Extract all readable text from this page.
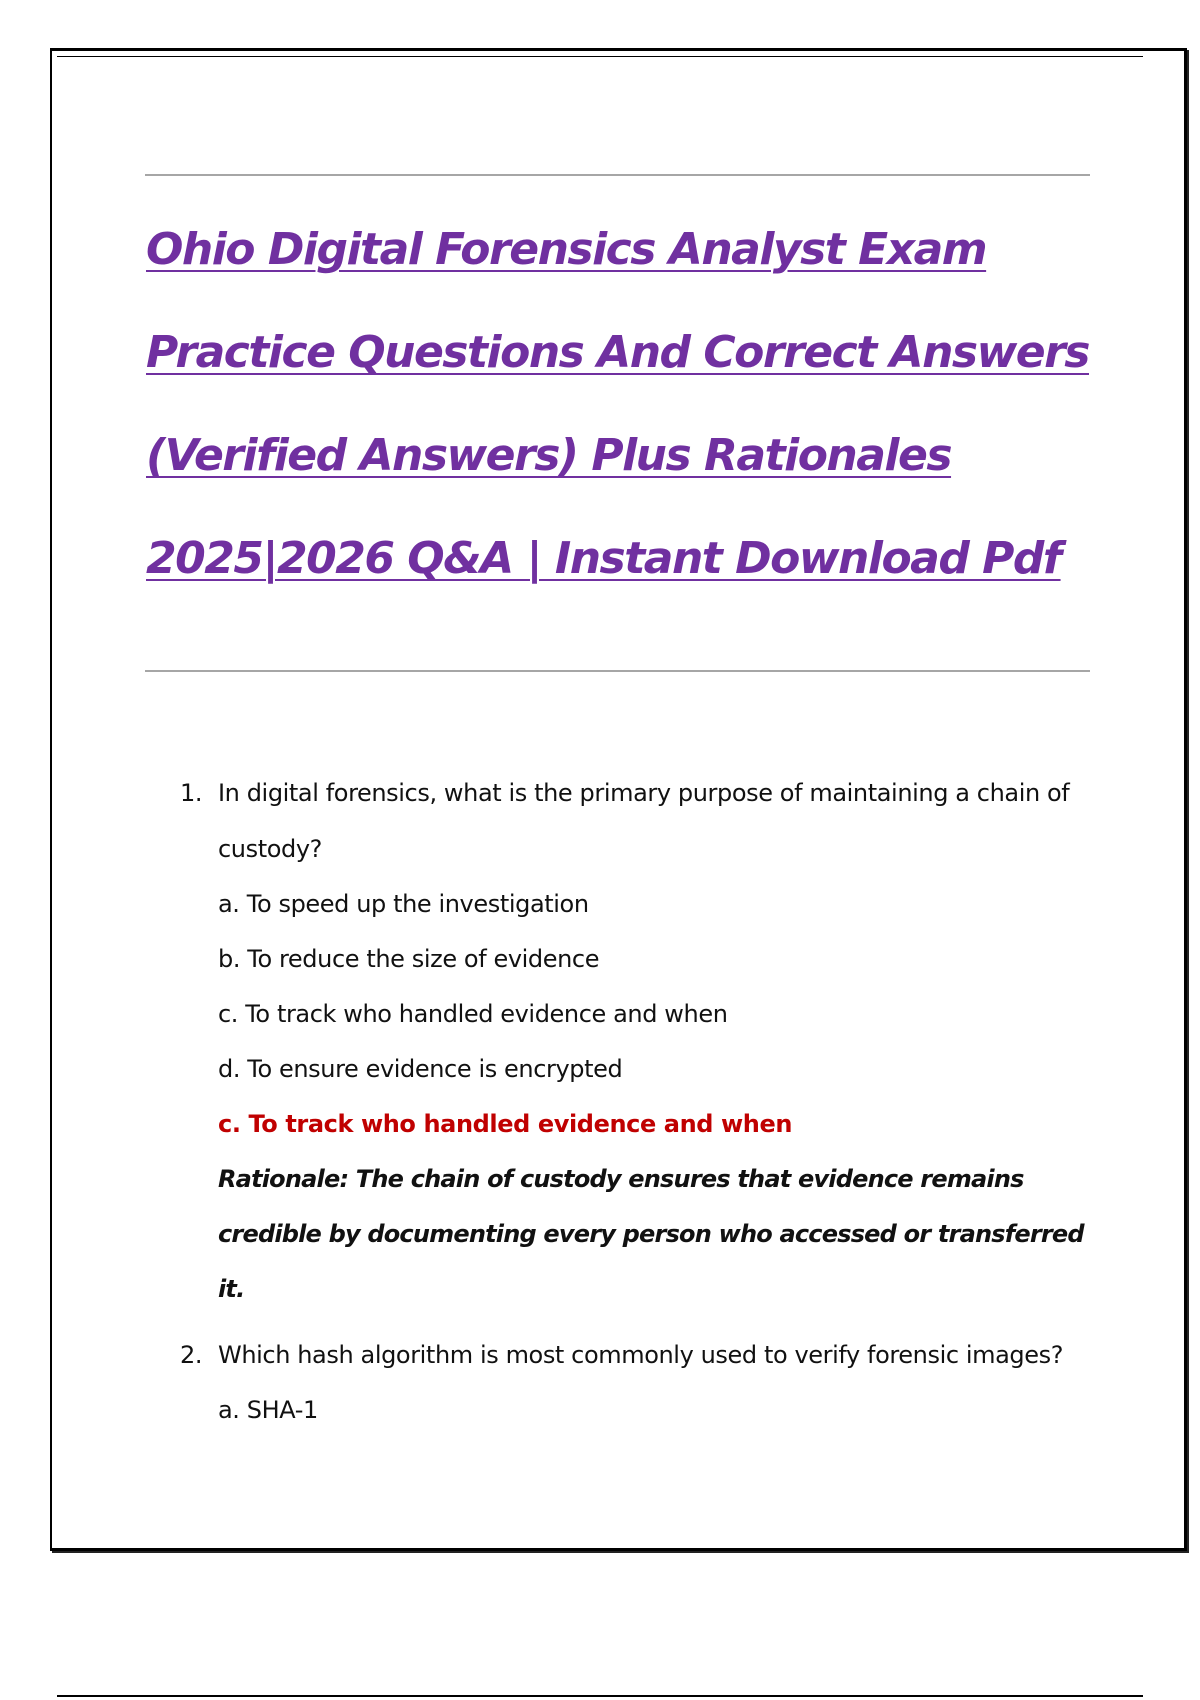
Ohio Digital Forensics Analyst Exam
Practice Questions And Correct Answers
(Verified Answers) Plus Rationales
2025|2026 Q&A | Instant Download Pdf
1. In digital forensics, what is the primary purpose of maintaining a chain of custody?

a. To speed up the investigation

b. To reduce the size of evidence

c. To track who handled evidence and when

d. To ensure evidence is encrypted

c. To track who handled evidence and when

Rationale: The chain of custody ensures that evidence remains credible by documenting every person who accessed or transferred it.

2. Which hash algorithm is most commonly used to verify forensic images?

a. SHA-1
